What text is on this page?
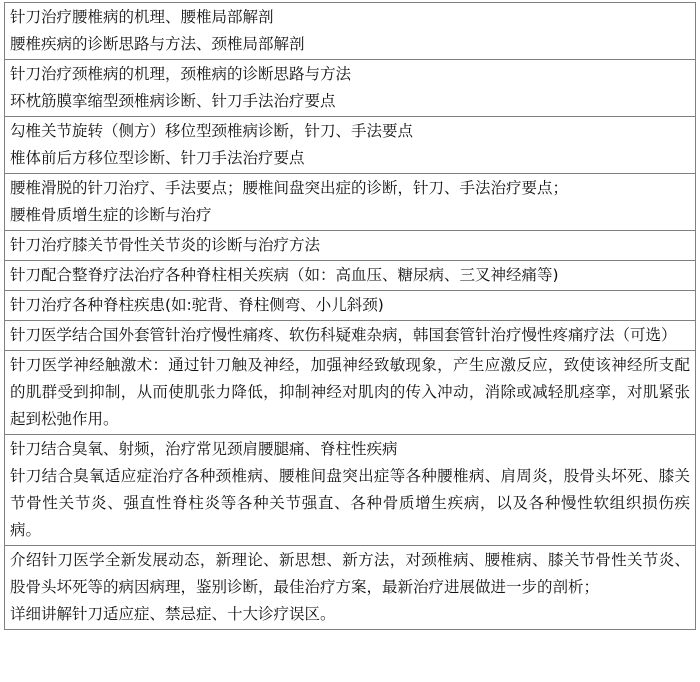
针刀治疗腰椎病的机理、腰椎局部解剖
腰椎疾病的诊断思路与方法、颈椎局部解剖

针刀治疗颈椎病的机理，颈椎病的诊断思路与方法
环枕筋膜挛缩型颈椎病诊断、针刀手法治疗要点

勾椎关节旋转（侧方）移位型颈椎病诊断，针刀、手法要点
椎体前后方移位型诊断、针刀手法治疗要点

腰椎滑脱的针刀治疗、手法要点；腰椎间盘突出症的诊断，针刀、手法治疗要点；
腰椎骨质增生症的诊断与治疗

针刀治疗膝关节骨性关节炎的诊断与治疗方法

针刀配合整脊疗法治疗各种脊柱相关疾病（如：高血压、糖尿病、三叉神经痛等)

针刀治疗各种脊柱疾患(如:驼背、脊柱侧弯、小儿斜颈)

针刀医学结合国外套管针治疗慢性痛疼、软伤科疑难杂病，韩国套管针治疗慢性疼痛疗法（可选）

针刀医学神经触激术：通过针刀触及神经，加强神经致敏现象，产生应激反应，致使该神经所支配的肌群受到抑制，从而使肌张力降低，抑制神经对肌肉的传入冲动，消除或减轻肌痉挛，对肌紧张起到松弛作用。

针刀结合臭氧、射频，治疗常见颈肩腰腿痛、脊柱性疾病
针刀结合臭氧适应症治疗各种颈椎病、腰椎间盘突出症等各种腰椎病、肩周炎，股骨头坏死、膝关节骨性关节炎、强直性脊柱炎等各种关节强直、各种骨质增生疾病，以及各种慢性软组织损伤疾病。

介绍针刀医学全新发展动态，新理论、新思想、新方法，对颈椎病、腰椎病、膝关节骨性关节炎、股骨头坏死等的病因病理，鉴别诊断，最佳治疗方案，最新治疗进展做进一步的剖析；
详细讲解针刀适应症、禁忌症、十大诊疗误区。
